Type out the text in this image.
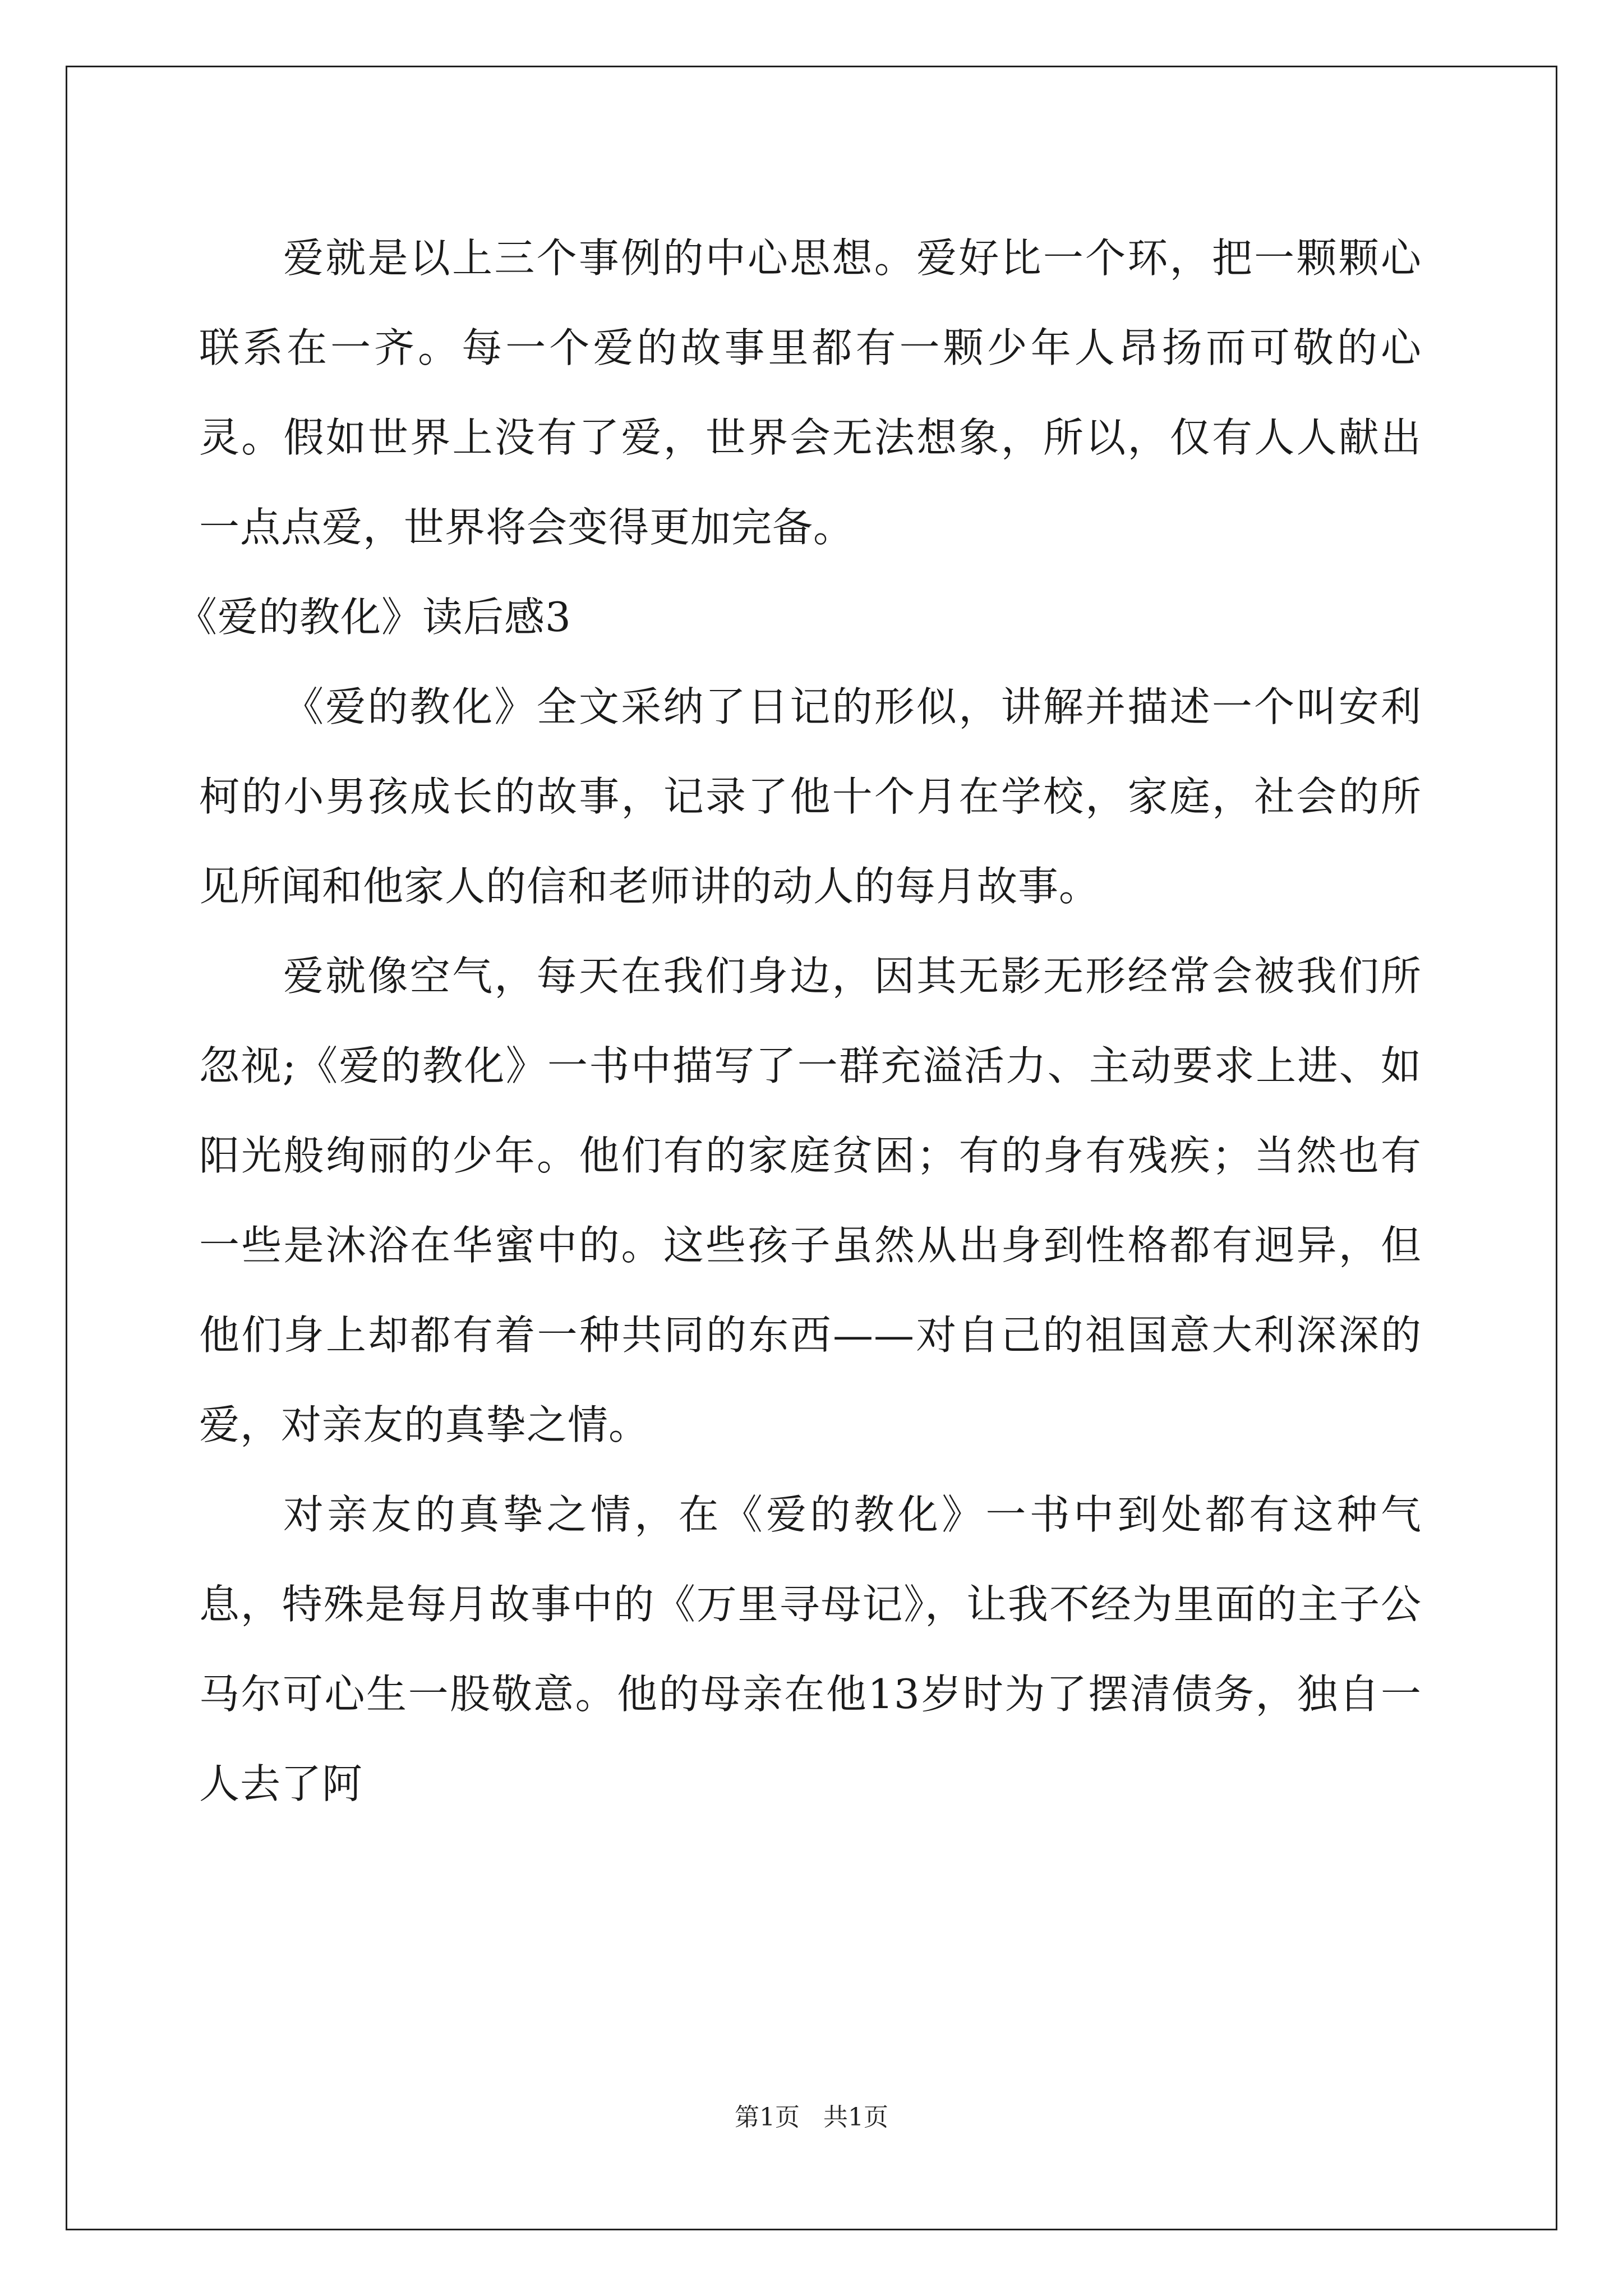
爱就是以上三个事例的中心思想。爱好比一个环，把一颗颗心联系在一齐。每一个爱的故事里都有一颗少年人昂扬而可敬的心灵。假如世界上没有了爱，世界会无法想象，所以，仅有人人献出一点点爱，世界将会变得更加完备。

《爱的教化》读后感3

《爱的教化》全文采纳了日记的形似，讲解并描述一个叫安利柯的小男孩成长的故事，记录了他十个月在学校，家庭，社会的所见所闻和他家人的信和老师讲的动人的每月故事。

爱就像空气，每天在我们身边，因其无影无形经常会被我们所忽视;《爱的教化》一书中描写了一群充溢活力、主动要求上进、如阳光般绚丽的少年。他们有的家庭贫困；有的身有残疾；当然也有一些是沐浴在华蜜中的。这些孩子虽然从出身到性格都有迥异，但他们身上却都有着一种共同的东西——对自己的祖国意大利深深的爱，对亲友的真挚之情。

对亲友的真挚之情，在《爱的教化》一书中到处都有这种气息，特殊是每月故事中的《万里寻母记》，让我不经为里面的主子公马尔可心生一股敬意。他的母亲在他13岁时为了摆清债务，独自一人去了阿

第1页 共1页
